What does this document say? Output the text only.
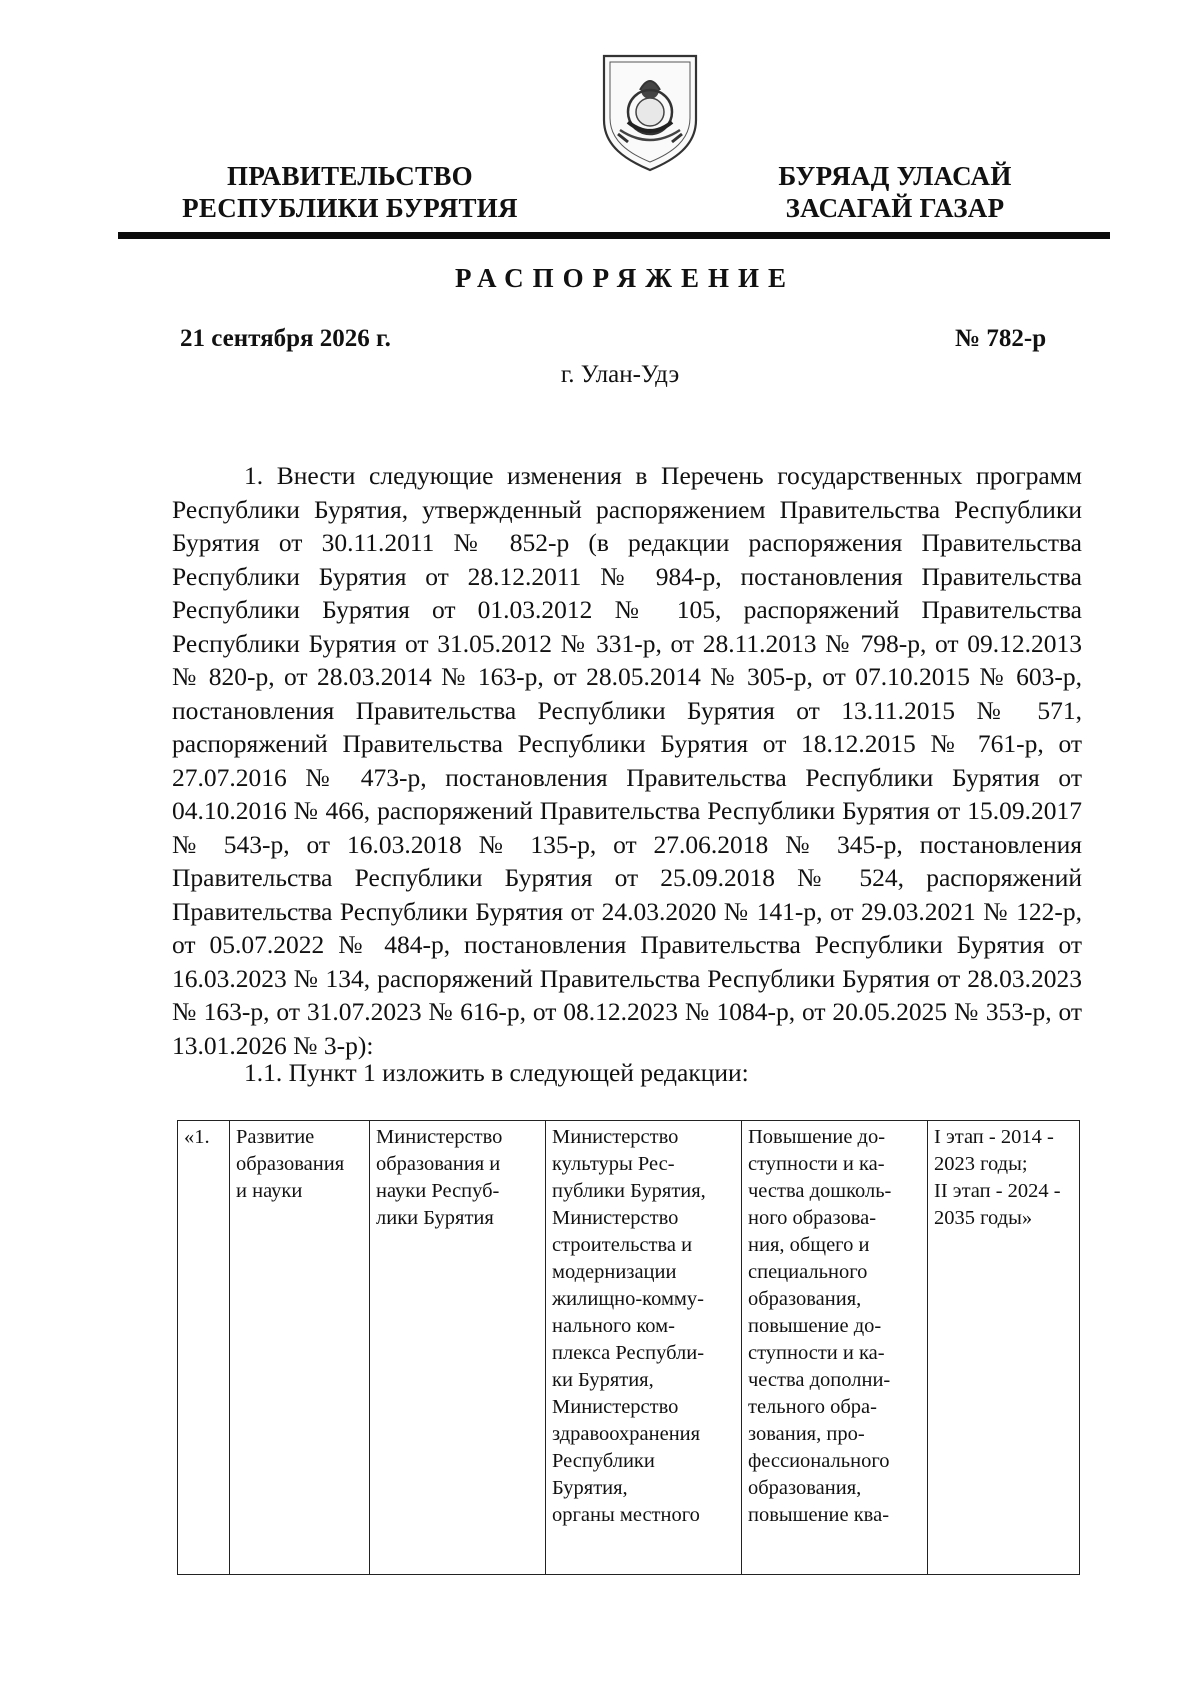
ПРАВИТЕЛЬСТВО
РЕСПУБЛИКИ БУРЯТИЯ
БУРЯАД УЛАСАЙ
ЗАСАГАЙ ГАЗАР
РАСПОРЯЖЕНИЕ
21 сентября 2026 г.	№ 782-р
г. Улан-Удэ

1. Внести следующие изменения в Перечень государственных программ Республики Бурятия, утвержденный распоряжением Правительства Республики Бурятия от 30.11.2011 № 852-р (в редакции распоряжения Правительства Республики Бурятия от 28.12.2011 № 984-р, постановления Правительства Республики Бурятия от 01.03.2012 № 105, распоряжений Правительства Республики Бурятия от 31.05.2012 № 331-р, от 28.11.2013 № 798-р, от 09.12.2013 № 820-р, от 28.03.2014 № 163-р, от 28.05.2014 № 305-р, от 07.10.2015 № 603-р, постановления Правительства Республики Бурятия от 13.11.2015 № 571, распоряжений Правительства Республики Бурятия от 18.12.2015 № 761-р, от 27.07.2016 № 473-р, постановления Правительства Республики Бурятия от 04.10.2016 № 466, распоряжений Правительства Республики Бурятия от 15.09.2017 № 543-р, от 16.03.2018 № 135-р, от 27.06.2018 № 345-р, постановления Правительства Республики Бурятия от 25.09.2018 № 524, распоряжений Правительства Республики Бурятия от 24.03.2020 № 141-р, от 29.03.2021 № 122-р, от 05.07.2022 № 484-р, постановления Правительства Республики Бурятия от 16.03.2023 № 134, распоряжений Правительства Республики Бурятия от 28.03.2023 № 163-р, от 31.07.2023 № 616-р, от 08.12.2023 № 1084-р, от 20.05.2025 № 353-р, от 13.01.2026 № 3-р):

1.1. Пункт 1 изложить в следующей редакции:
«1.	Развитие
образования
и науки

Министерство
образования и
науки Респуб-
лики Бурятия

Министерство
культуры Рес-
публики Бурятия,
Министерство
строительства и
модернизации
жилищно-комму-
нального ком-
плекса Республи-
ки Бурятия,
Министерство
здравоохранения
Республики
Бурятия,
органы местного

Повышение до-
ступности и ка-
чества дошколь-
ного образова-
ния, общего и
специального
образования,
повышение до-
ступности и ка-
чества дополни-
тельного обра-
зования, про-
фессионального
образования,
повышение ква-

I этап - 2014 -
2023 годы;
II этап - 2024 -
2035 годы»
